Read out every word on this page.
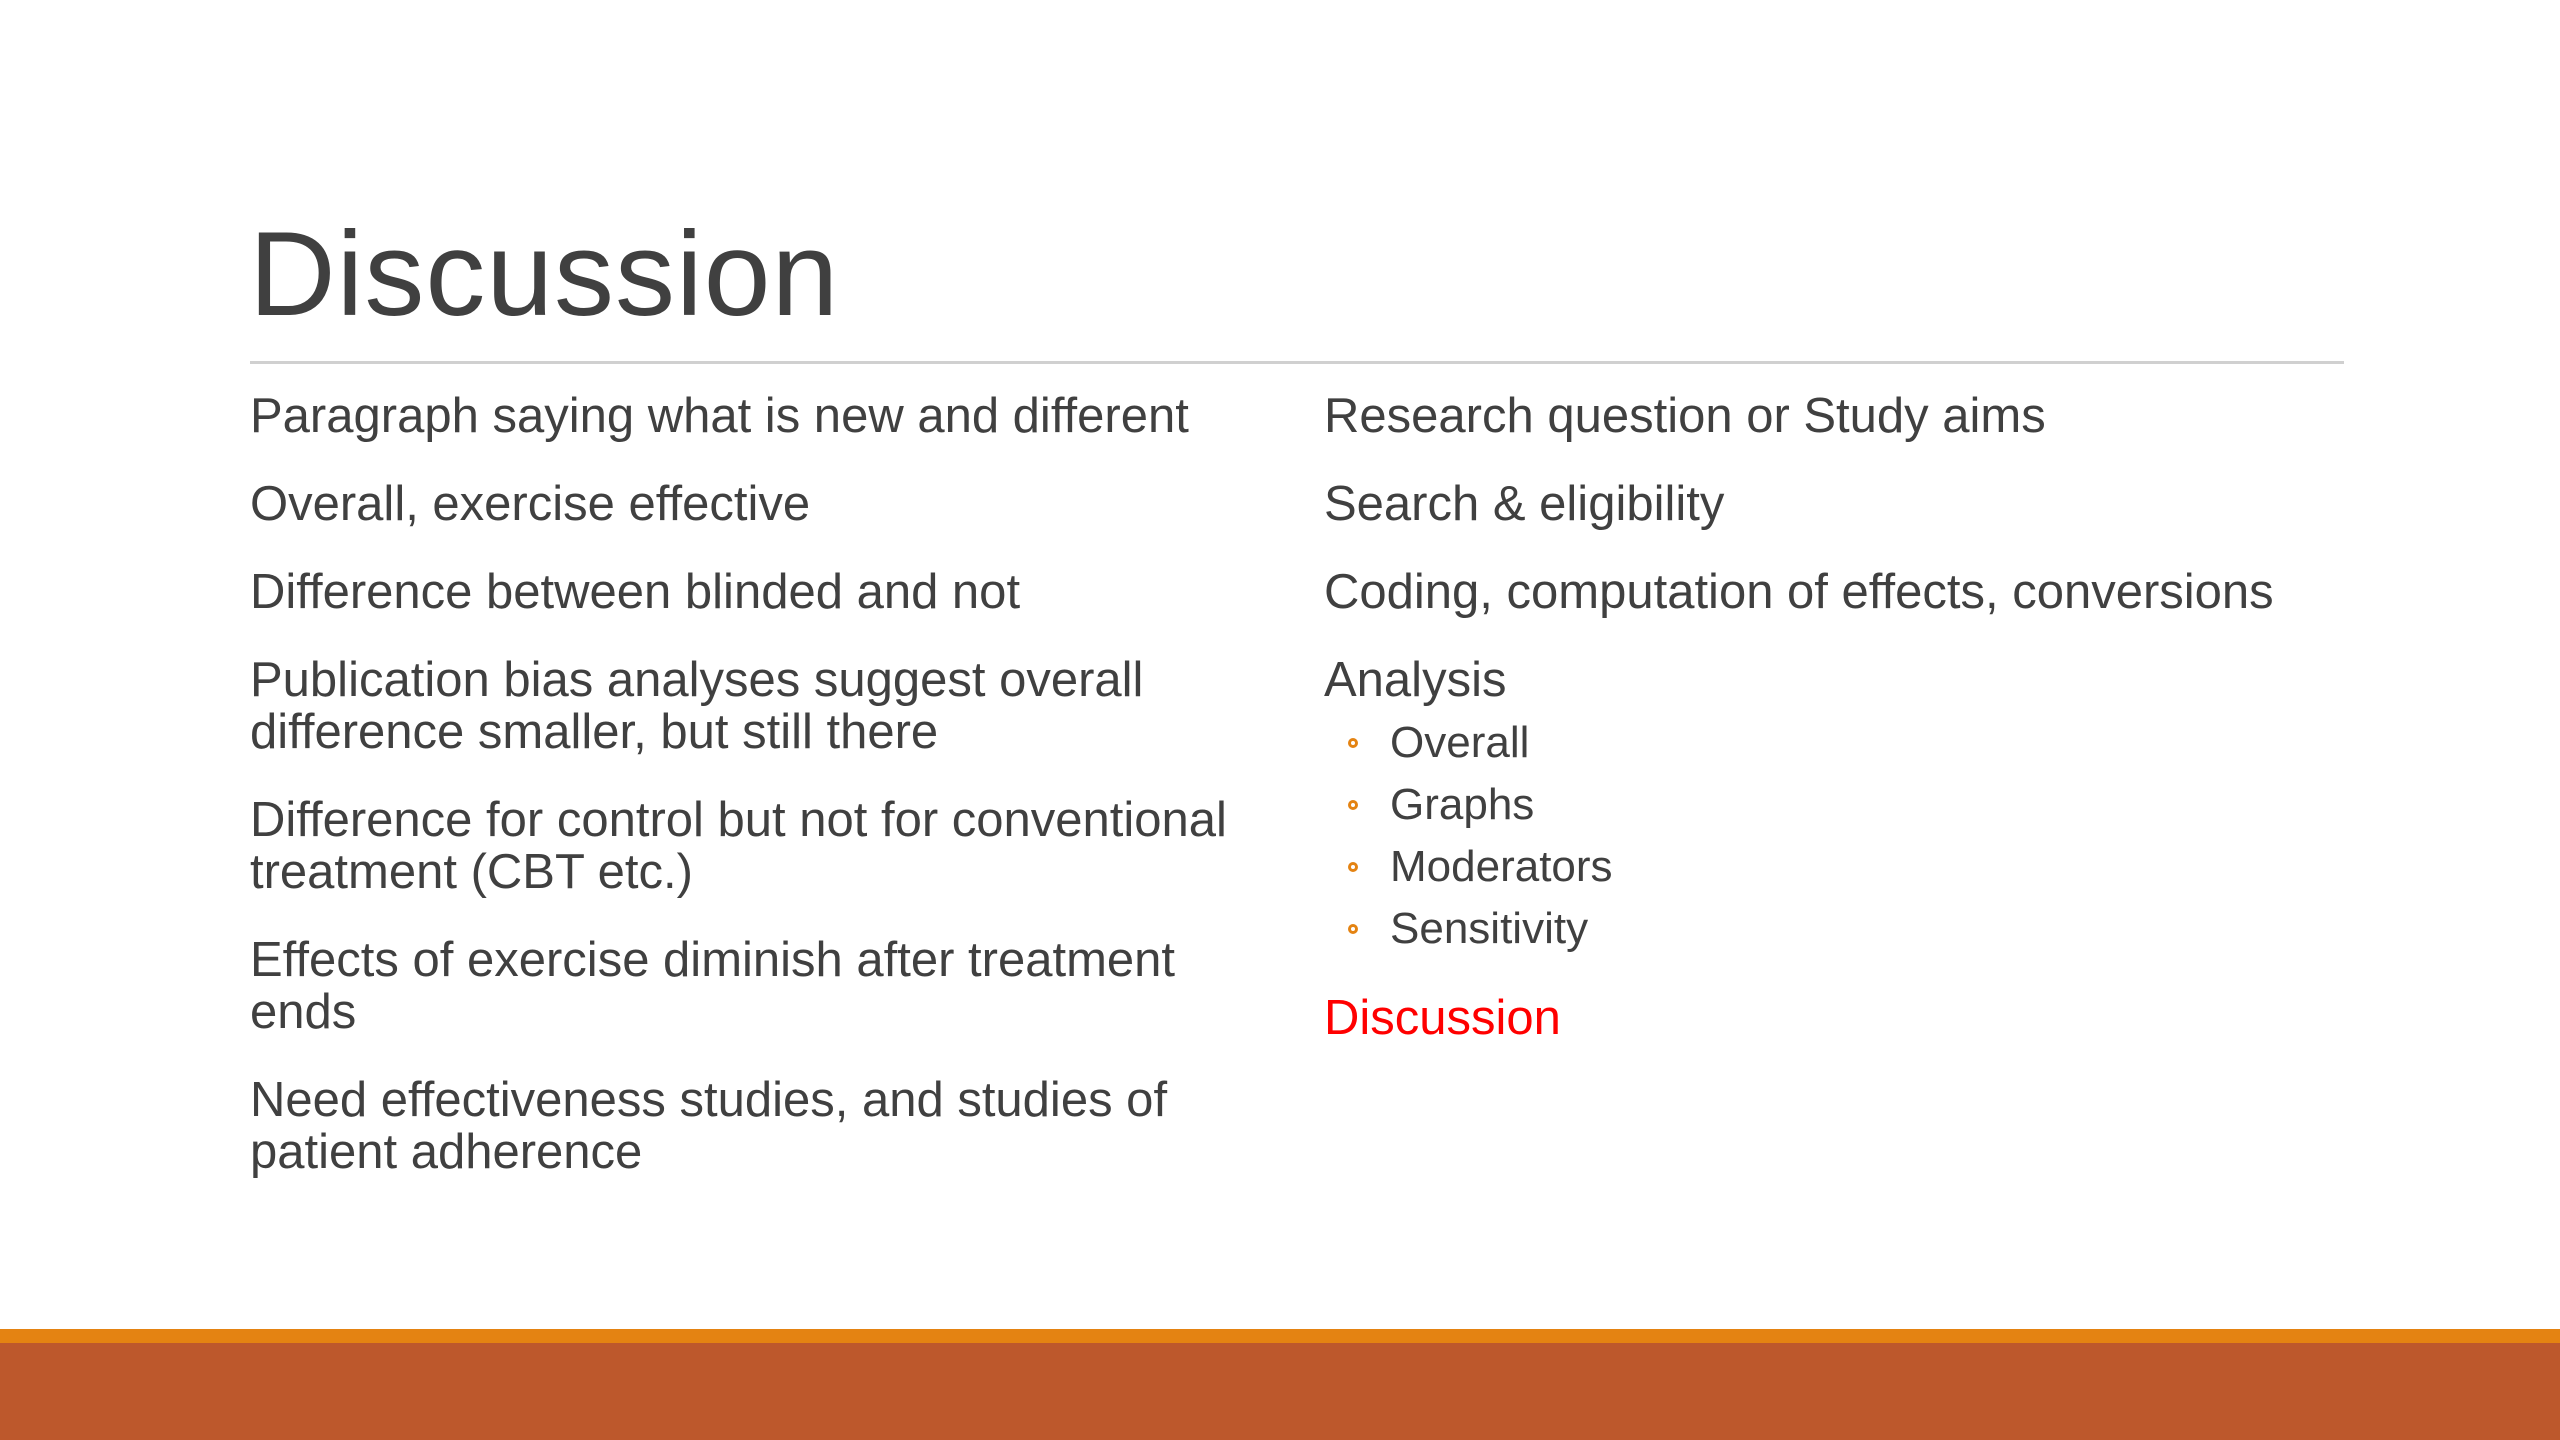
Discussion

Paragraph saying what is new and different

Overall, exercise effective

Difference between blinded and not

Publication bias analyses suggest overall difference smaller, but still there

Difference for control but not for conventional treatment (CBT etc.)

Effects of exercise diminish after treatment ends

Need effectiveness studies, and studies of patient adherence

Research question or Study aims

Search & eligibility

Coding, computation of effects, conversions

Analysis

Overall
Graphs
Moderators
Sensitivity

Discussion
